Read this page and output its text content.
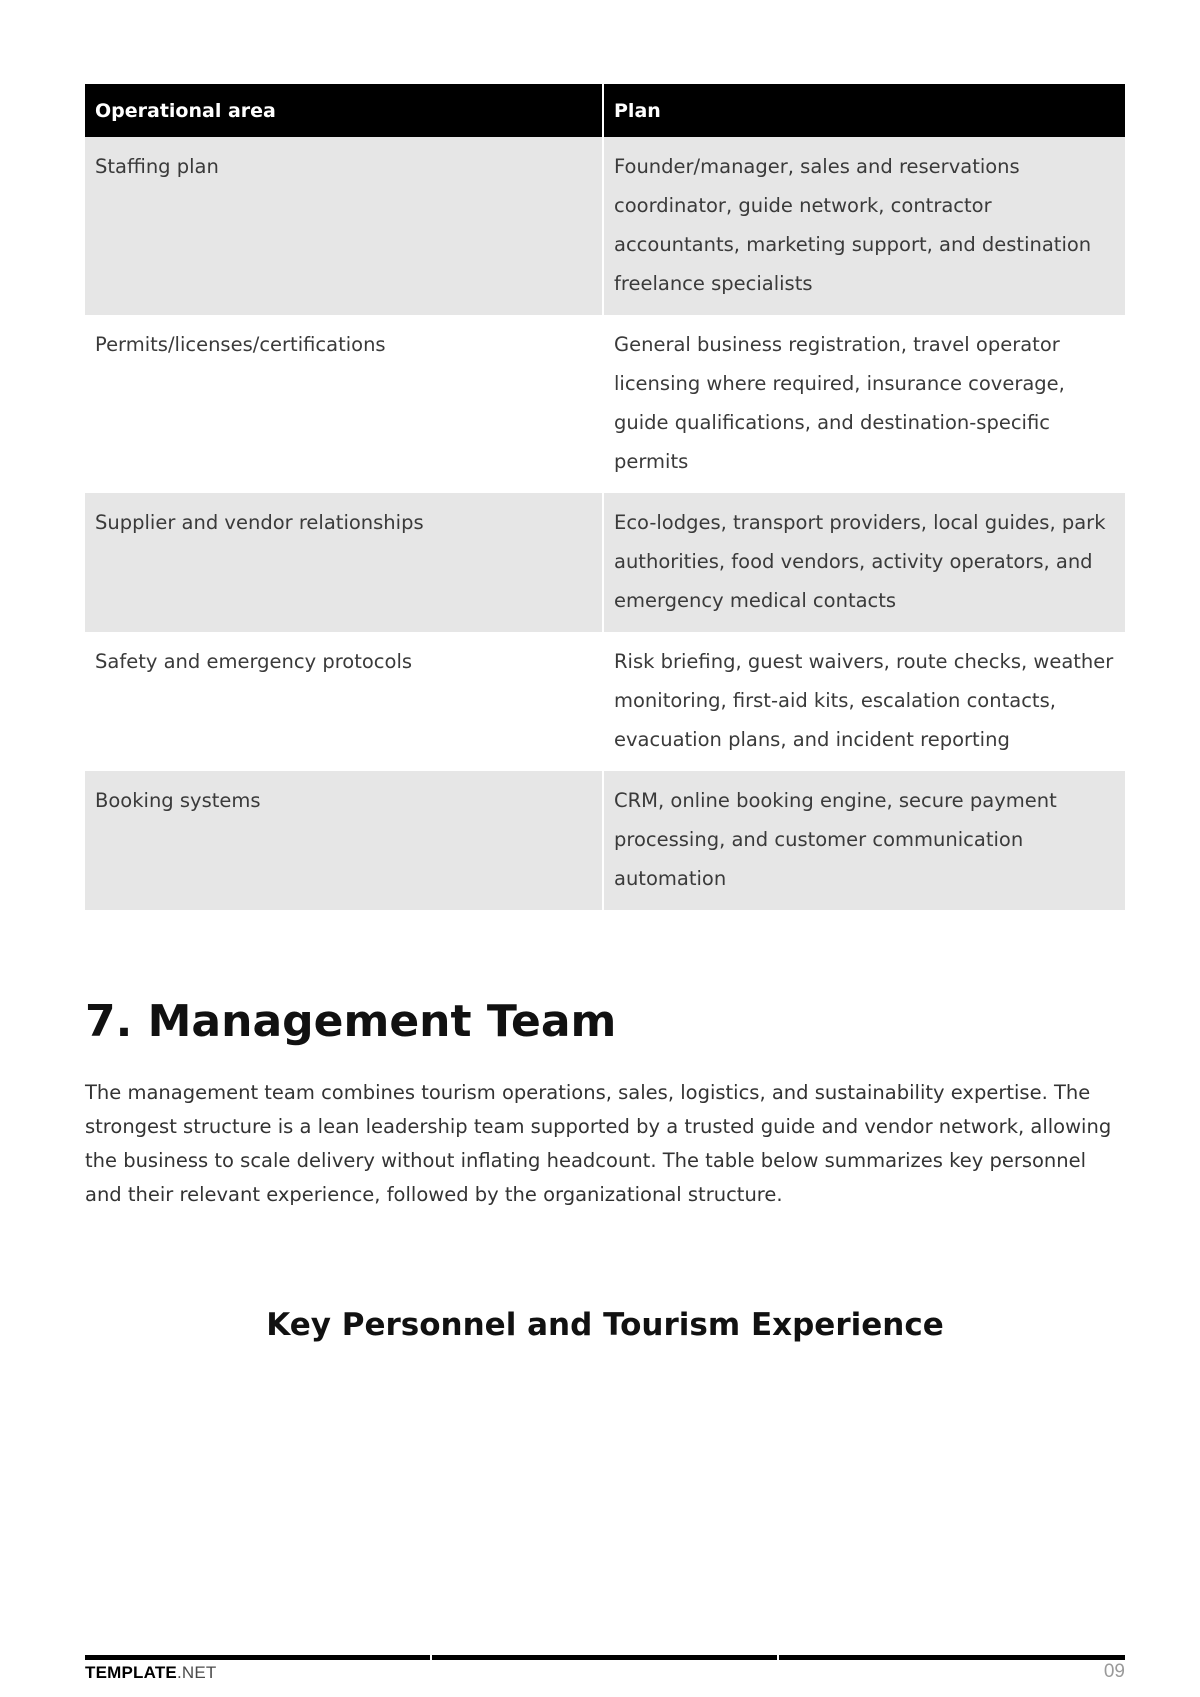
Operational area	Plan
Staffing plan	Founder/manager, sales and reservations coordinator, guide network, contractor accountants, marketing support, and destination freelance specialists
Permits/licenses/certifications	General business registration, travel operator licensing where required, insurance coverage, guide qualifications, and destination-specific permits
Supplier and vendor relationships	Eco-lodges, transport providers, local guides, park authorities, food vendors, activity operators, and emergency medical contacts
Safety and emergency protocols	Risk briefing, guest waivers, route checks, weather monitoring, first-aid kits, escalation contacts, evacuation plans, and incident reporting
Booking systems	CRM, online booking engine, secure payment processing, and customer communication automation
7. Management Team

The management team combines tourism operations, sales, logistics, and sustainability expertise. The strongest structure is a lean leadership team supported by a trusted guide and vendor network, allowing the business to scale delivery without inflating headcount. The table below summarizes key personnel and their relevant experience, followed by the organizational structure.

Key Personnel and Tourism Experience
TEMPLATE.NET	09
